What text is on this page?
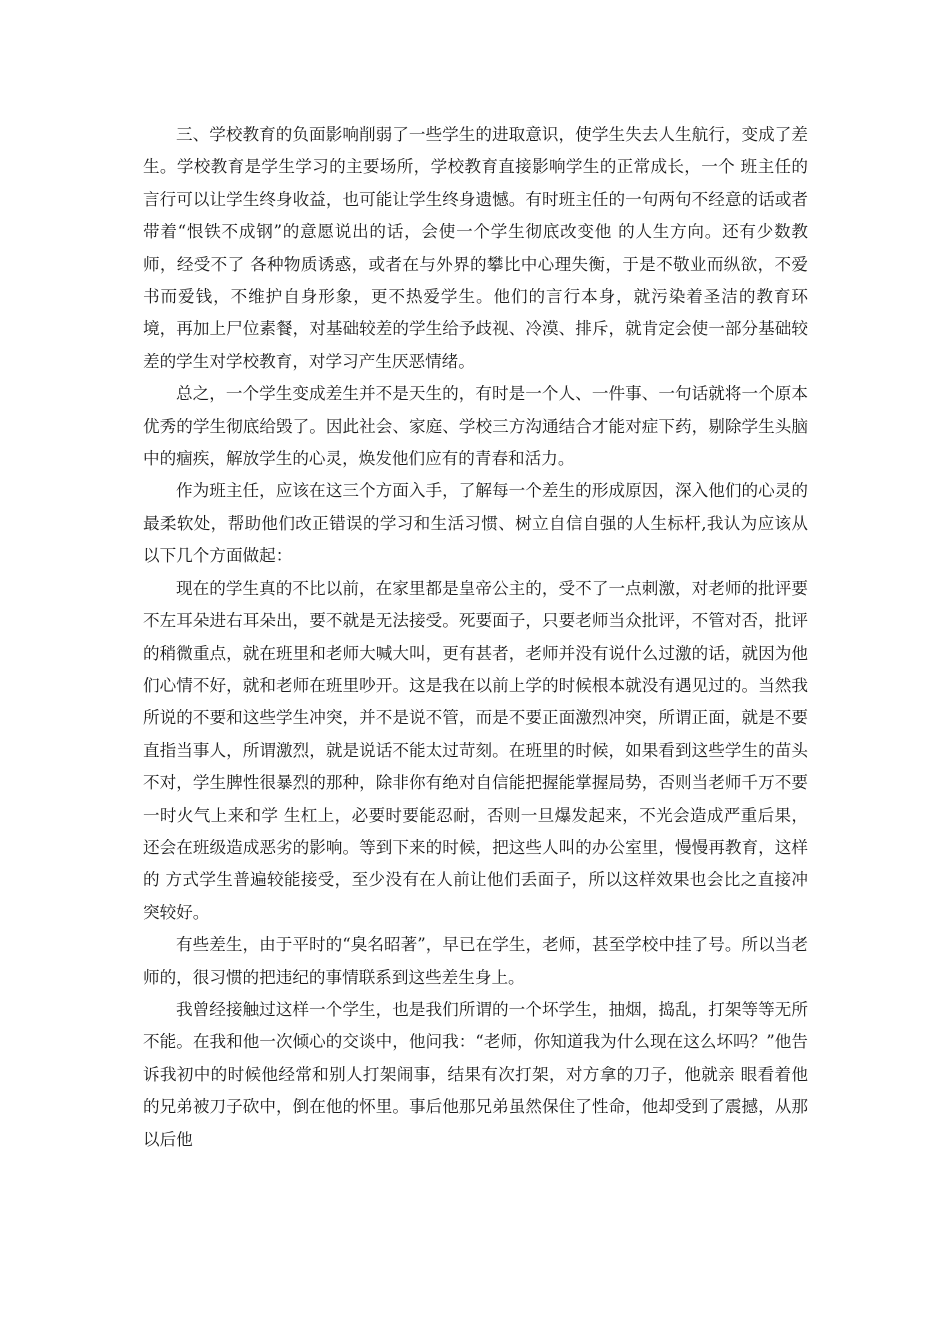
三、学校教育的负面影响削弱了一些学生的进取意识，使学生失去人生航行，变成了差生。学校教育是学生学习的主要场所，学校教育直接影响学生的正常成长，一个 班主任的言行可以让学生终身收益，也可能让学生终身遗憾。有时班主任的一句两句不经意的话或者带着“恨铁不成钢”的意愿说出的话，会使一个学生彻底改变他 的人生方向。还有少数教师，经受不了 各种物质诱惑，或者在与外界的攀比中心理失衡，于是不敬业而纵欲，不爱书而爱钱，不维护自身形象，更不热爱学生。他们的言行本身，就污染着圣洁的教育环 境，再加上尸位素餐，对基础较差的学生给予歧视、冷漠、排斥，就肯定会使一部分基础较差的学生对学校教育，对学习产生厌恶情绪。

总之，一个学生变成差生并不是天生的，有时是一个人、一件事、一句话就将一个原本优秀的学生彻底给毁了。因此社会、家庭、学校三方沟通结合才能对症下药，剔除学生头脑中的痼疾，解放学生的心灵，焕发他们应有的青春和活力。

作为班主任，应该在这三个方面入手，了解每一个差生的形成原因，深入他们的心灵的最柔软处，帮助他们改正错误的学习和生活习惯、树立自信自强的人生标杆,我认为应该从以下几个方面做起：

现在的学生真的不比以前，在家里都是皇帝公主的，受不了一点刺激，对老师的批评要不左耳朵进右耳朵出，要不就是无法接受。死要面子，只要老师当众批评，不管对否，批评的稍微重点，就在班里和老师大喊大叫，更有甚者，老师并没有说什么过激的话，就因为他们心情不好，就和老师在班里吵开。这是我在以前上学的时候根本就没有遇见过的。当然我所说的不要和这些学生冲突，并不是说不管，而是不要正面激烈冲突，所谓正面，就是不要直指当事人，所谓激烈，就是说话不能太过苛刻。在班里的时候，如果看到这些学生的苗头不对，学生脾性很暴烈的那种，除非你有绝对自信能把握能掌握局势，否则当老师千万不要一时火气上来和学 生杠上，必要时要能忍耐，否则一旦爆发起来，不光会造成严重后果，还会在班级造成恶劣的影响。等到下来的时候，把这些人叫的办公室里，慢慢再教育，这样的 方式学生普遍较能接受，至少没有在人前让他们丢面子，所以这样效果也会比之直接冲突较好。

有些差生，由于平时的“臭名昭著”，早已在学生，老师，甚至学校中挂了号。所以当老师的，很习惯的把违纪的事情联系到这些差生身上。

我曾经接触过这样一个学生，也是我们所谓的一个坏学生，抽烟，捣乱，打架等等无所不能。在我和他一次倾心的交谈中，他问我：“老师，你知道我为什么现在这么坏吗？”他告诉我初中的时候他经常和别人打架闹事，结果有次打架，对方拿的刀子，他就亲 眼看着他的兄弟被刀子砍中，倒在他的怀里。事后他那兄弟虽然保住了性命，他却受到了震撼，从那以后他
